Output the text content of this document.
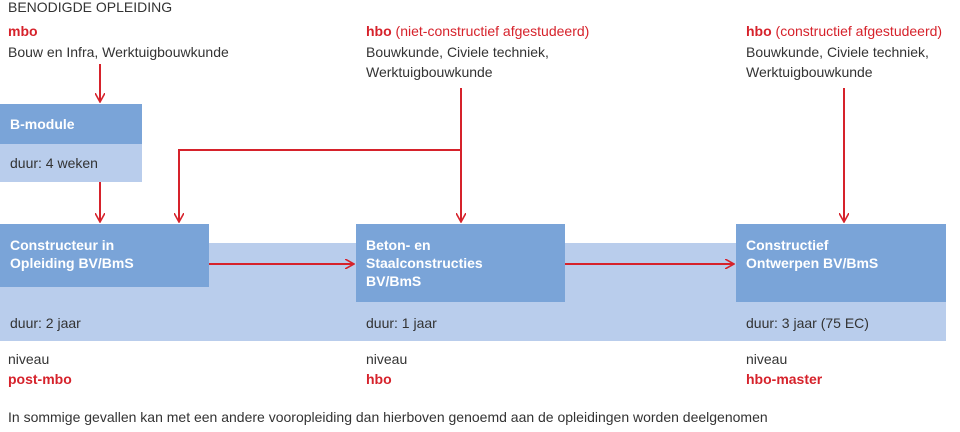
BENODIGDE OPLEIDING
mbo
Bouw en Infra, Werktuigbouwkunde
hbo (niet-constructief afgestudeerd)
Bouwkunde, Civiele techniek,
Werktuigbouwkunde
hbo (constructief afgestudeerd)
Bouwkunde, Civiele techniek,
Werktuigbouwkunde
B-module
duur: 4 weken
Constructeur in
Opleiding BV/BmS
duur: 2 jaar
niveau
post-mbo
Beton- en
Staalconstructies
BV/BmS
duur: 1 jaar
niveau
hbo
Constructief
Ontwerpen BV/BmS
duur: 3 jaar (75 EC)
niveau
hbo-master
In sommige gevallen kan met een andere vooropleiding dan hierboven genoemd aan de opleidingen worden deelgenomen
